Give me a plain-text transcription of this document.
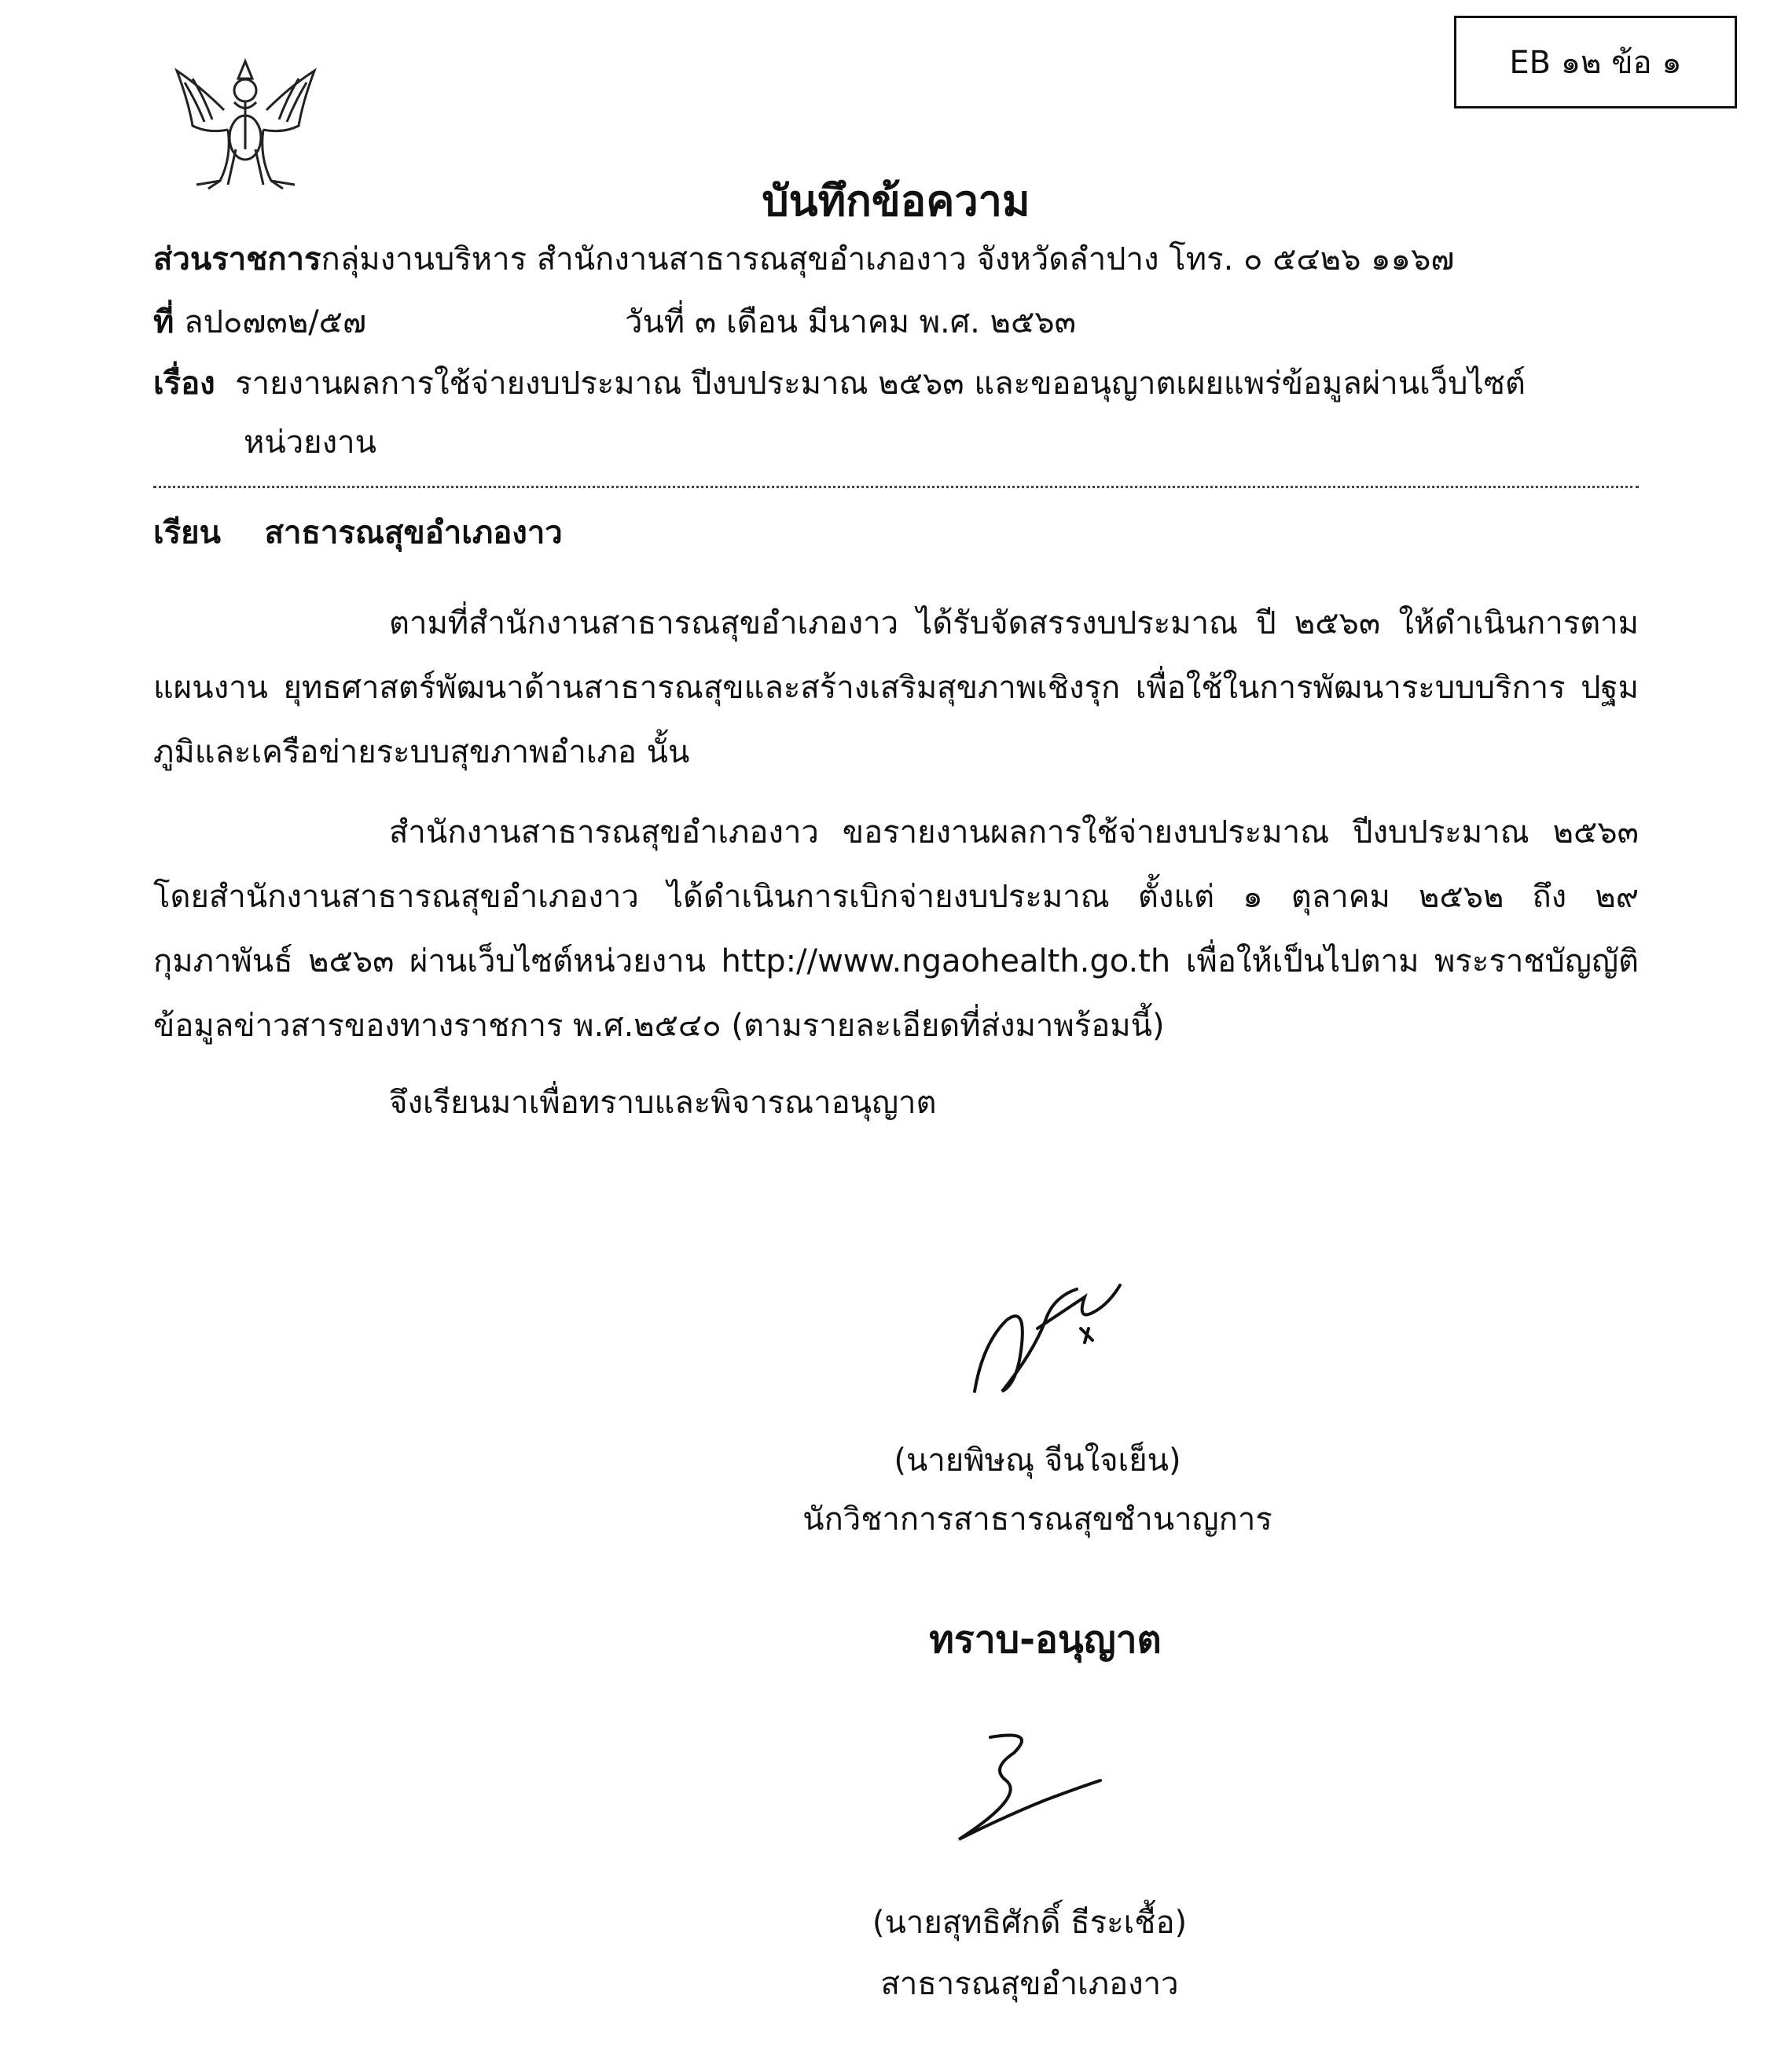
EB ๑๒ ข้อ ๑
บันทึกข้อความ
ส่วนราชการกลุ่มงานบริหาร สำนักงานสาธารณสุขอำเภองาว จังหวัดลำปาง โทร. ๐ ๕๔๒๖ ๑๑๖๗
ที่ ลป๐๗๓๒/๕๗	วันที่ ๓ เดือน มีนาคม พ.ศ. ๒๕๖๓
เรื่อง รายงานผลการใช้จ่ายงบประมาณ ปีงบประมาณ ๒๕๖๓ และขออนุญาตเผยแพร่ข้อมูลผ่านเว็บไซต์
หน่วยงาน
เรียน สาธารณสุขอำเภองาว

ตามที่สำนักงานสาธารณสุขอำเภองาว ได้รับจัดสรรงบประมาณ ปี ๒๕๖๓ ให้ดำเนินการตาม แผนงาน ยุทธศาสตร์พัฒนาด้านสาธารณสุขและสร้างเสริมสุขภาพเชิงรุก เพื่อใช้ในการพัฒนาระบบบริการ ปฐมภูมิและเครือข่ายระบบสุขภาพอำเภอ นั้น

สำนักงานสาธารณสุขอำเภองาว ขอรายงานผลการใช้จ่ายงบประมาณ ปีงบประมาณ ๒๕๖๓ โดยสำนักงานสาธารณสุขอำเภองาว ได้ดำเนินการเบิกจ่ายงบประมาณ ตั้งแต่ ๑ ตุลาคม ๒๕๖๒ ถึง ๒๙ กุมภาพันธ์ ๒๕๖๓ ผ่านเว็บไซต์หน่วยงาน http://www.ngaohealth.go.th เพื่อให้เป็นไปตาม พระราชบัญญัติข้อมูลข่าวสารของทางราชการ พ.ศ.๒๕๔๐ (ตามรายละเอียดที่ส่งมาพร้อมนี้)

จึงเรียนมาเพื่อทราบและพิจารณาอนุญาต

(นายพิษณุ จีนใจเย็น)
นักวิชาการสาธารณสุขชำนาญการ
ทราบ-อนุญาต
(นายสุทธิศักดิ์ ธีระเชื้อ)
สาธารณสุขอำเภองาว
